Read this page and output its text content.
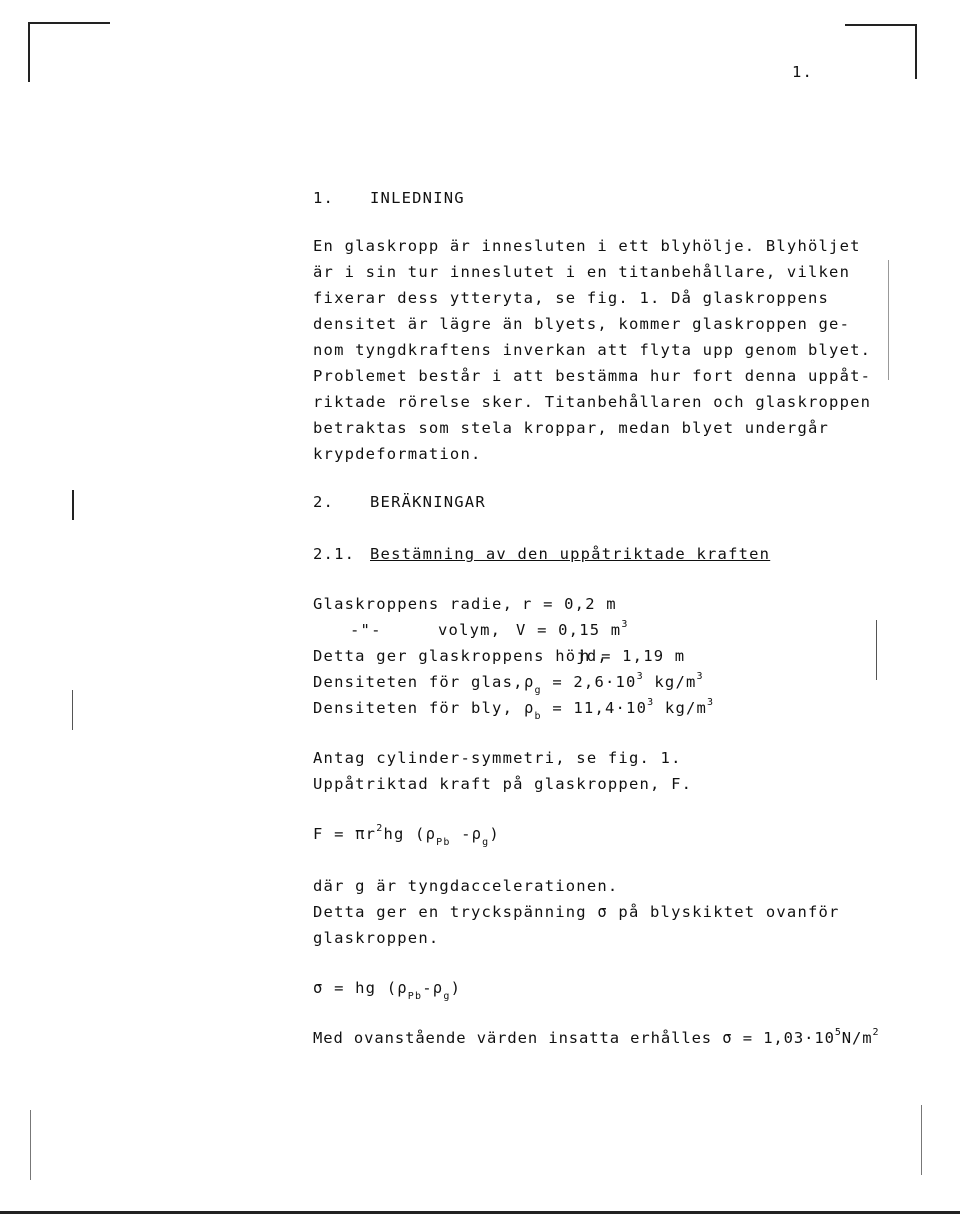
1.
1. INLEDNING
En glaskropp är innesluten i ett blyhölje. Blyhöljet
är i sin tur inneslutet i en titanbehållare, vilken
fixerar dess ytteryta, se fig. 1. Då glaskroppens
densitet är lägre än blyets, kommer glaskroppen ge-
nom tyngdkraftens inverkan att flyta upp genom blyet.
Problemet består i att bestämma hur fort denna uppåt-
riktade rörelse sker. Titanbehållaren och glaskroppen
betraktas som stela kroppar, medan blyet undergår
krypdeformation.
2. BERÄKNINGAR
2.1. Bestämning av den uppåtriktade kraften
Glaskroppens radie, r = 0,2 m
-"-	volym, V = 0,15 $m^3$
Detta ger glaskroppens höjd,
h = 1,19 m
Densiteten för glas, $\rho_g = 2,6\cdot 10^3$ $kg/m^3$
Densiteten för bly, $\rho_b = 11,4\cdot 10^3$ $kg/m^3$
Antag cylinder-symmetri, se fig. 1.
Uppåtriktad kraft på glaskroppen, F.
$F = \pi r^2hg$ ($\rho_{Pb}$ $-\rho_g$)
där g är tyngdaccelerationen.
Detta ger en tryckspänning σ på blyskiktet ovanför
glaskroppen.
σ = hg $(\rho_{Pb}-\rho_g)$
Med ovanstående värden insatta erhålles $\sigma = 1,03\cdot 10^5N/m^2$
